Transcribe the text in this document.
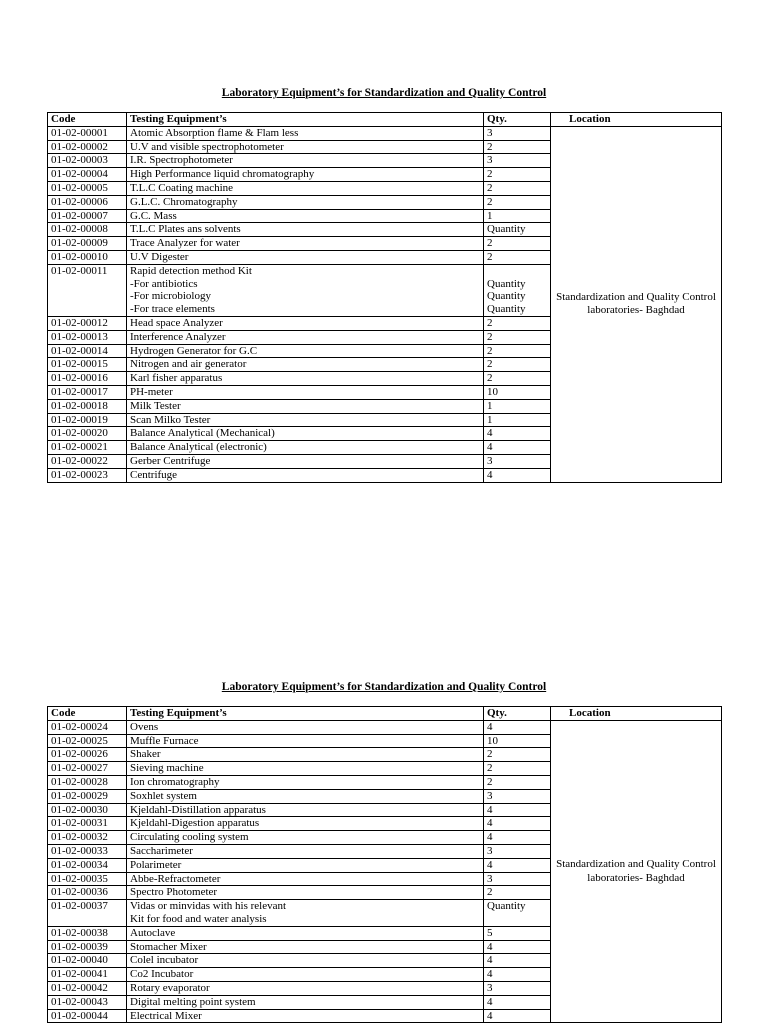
Laboratory Equipment’s for Standardization and Quality Control
Code	Testing Equipment’s	Qty.	Location
01-02-00001	Atomic Absorption flame & Flam less	3	Standardization and Quality Control laboratories- Baghdad
01-02-00002	U.V and visible spectrophotometer	2	

01-02-00003	I.R. Spectrophotometer	3	

01-02-00004	High Performance liquid chromatography	2	

01-02-00005	T.L.C Coating machine	2	

01-02-00006	G.L.C. Chromatography	2	

01-02-00007	G.C. Mass	1	

01-02-00008	T.L.C Plates ans solvents	Quantity	

01-02-00009	Trace Analyzer for water	2	

01-02-00010	U.V Digester	2	

01-02-00011	Rapid detection method Kit
-For antibiotics
-For microbiology
-For trace elements	Quantity
Quantity
Quantity	

01-02-00012	Head space Analyzer	2	

01-02-00013	Interference Analyzer	2	

01-02-00014	Hydrogen Generator for G.C	2	

01-02-00015	Nitrogen and air generator	2	

01-02-00016	Karl fisher apparatus	2	

01-02-00017	PH-meter	10	

01-02-00018	Milk Tester	1	

01-02-00019	Scan Milko Tester	1	

01-02-00020	Balance Analytical (Mechanical)	4	

01-02-00021	Balance Analytical (electronic)	4	

01-02-00022	Gerber Centrifuge	3	

01-02-00023	Centrifuge	4	
Laboratory Equipment’s for Standardization and Quality Control
Code	Testing Equipment’s	Qty.	Location
01-02-00024	Ovens	4	Standardization and Quality Control laboratories- Baghdad
01-02-00025	Muffle Furnace	10	

01-02-00026	Shaker	2	

01-02-00027	Sieving machine	2	

01-02-00028	Ion chromatography	2	

01-02-00029	Soxhlet system	3	

01-02-00030	Kjeldahl-Distillation apparatus	4	

01-02-00031	Kjeldahl-Digestion apparatus	4	

01-02-00032	Circulating cooling system	4	

01-02-00033	Saccharimeter	3	

01-02-00034	Polarimeter	4	

01-02-00035	Abbe-Refractometer	3	

01-02-00036	Spectro Photometer	2	

01-02-00037	Vidas or minvidas with his relevant
Kit for food and water analysis	Quantity	

01-02-00038	Autoclave	5	

01-02-00039	Stomacher Mixer	4	

01-02-00040	Colel incubator	4	

01-02-00041	Co2 Incubator	4	

01-02-00042	Rotary evaporator	3	

01-02-00043	Digital melting point system	4	

01-02-00044	Electrical Mixer	4	
